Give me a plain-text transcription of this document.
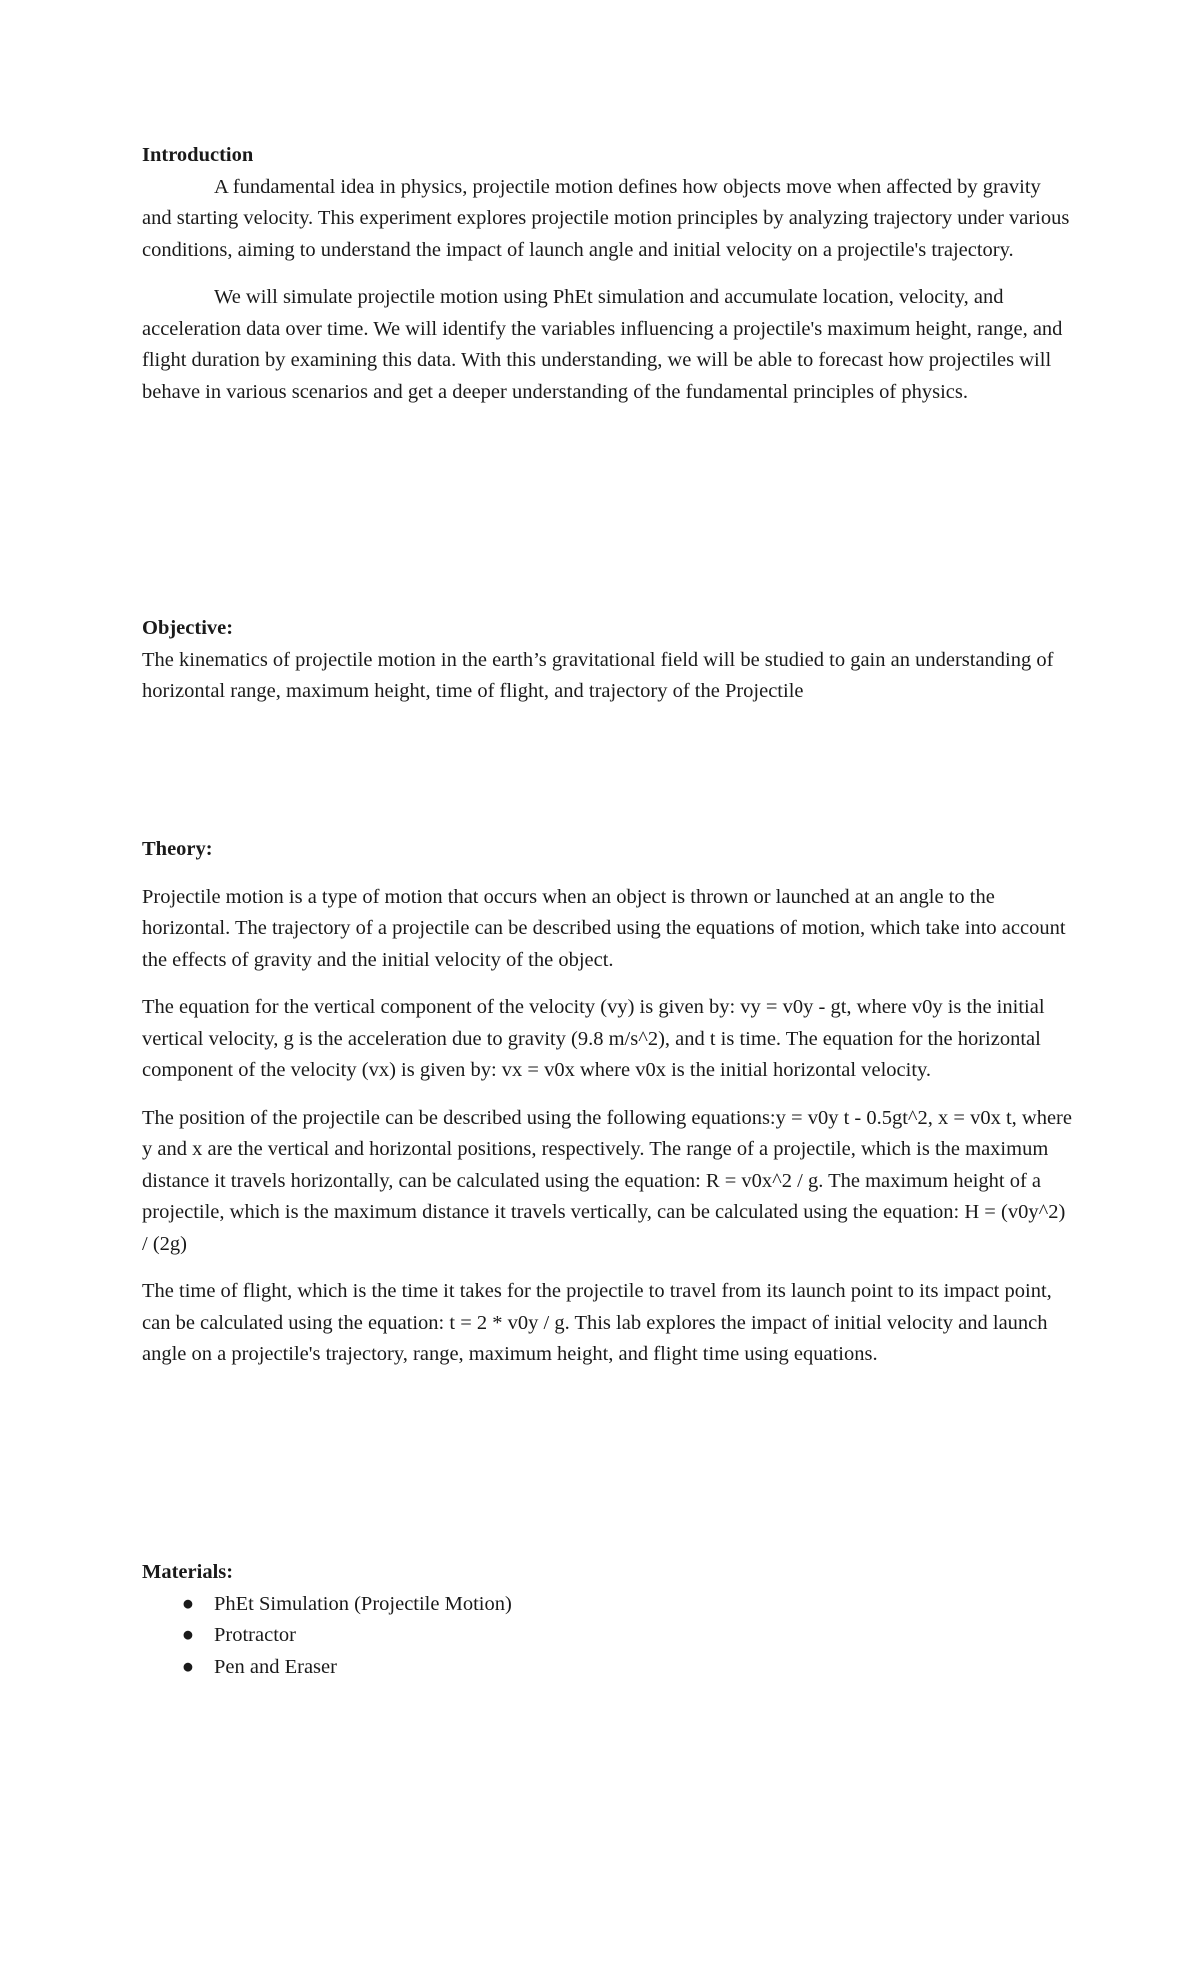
Introduction

A fundamental idea in physics, projectile motion defines how objects move when affected by gravity and starting velocity. This experiment explores projectile motion principles by analyzing trajectory under various conditions, aiming to understand the impact of launch angle and initial velocity on a projectile's trajectory.

We will simulate projectile motion using PhEt simulation and accumulate location, velocity, and acceleration data over time. We will identify the variables influencing a projectile's maximum height, range, and flight duration by examining this data. With this understanding, we will be able to forecast how projectiles will behave in various scenarios and get a deeper understanding of the fundamental principles of physics.

Objective:

The kinematics of projectile motion in the earth’s gravitational field will be studied to gain an understanding of horizontal range, maximum height, time of flight, and trajectory of the Projectile

Theory:

Projectile motion is a type of motion that occurs when an object is thrown or launched at an angle to the horizontal. The trajectory of a projectile can be described using the equations of motion, which take into account the effects of gravity and the initial velocity of the object.

The equation for the vertical component of the velocity (vy) is given by: vy = v0y - gt, where v0y is the initial vertical velocity, g is the acceleration due to gravity (9.8 m/s^2), and t is time. The equation for the horizontal component of the velocity (vx) is given by: vx = v0x where v0x is the initial horizontal velocity.

The position of the projectile can be described using the following equations:y = v0y t - 0.5gt^2, x = v0x t, where y and x are the vertical and horizontal positions, respectively. The range of a projectile, which is the maximum distance it travels horizontally, can be calculated using the equation: R = v0x^2 / g. The maximum height of a projectile, which is the maximum distance it travels vertically, can be calculated using the equation: H = (v0y^2) / (2g)

The time of flight, which is the time it takes for the projectile to travel from its launch point to its impact point, can be calculated using the equation: t = 2 * v0y / g. This lab explores the impact of initial velocity and launch angle on a projectile's trajectory, range, maximum height, and flight time using equations.

Materials:

● PhEt Simulation (Projectile Motion)
● Protractor
● Pen and Eraser
